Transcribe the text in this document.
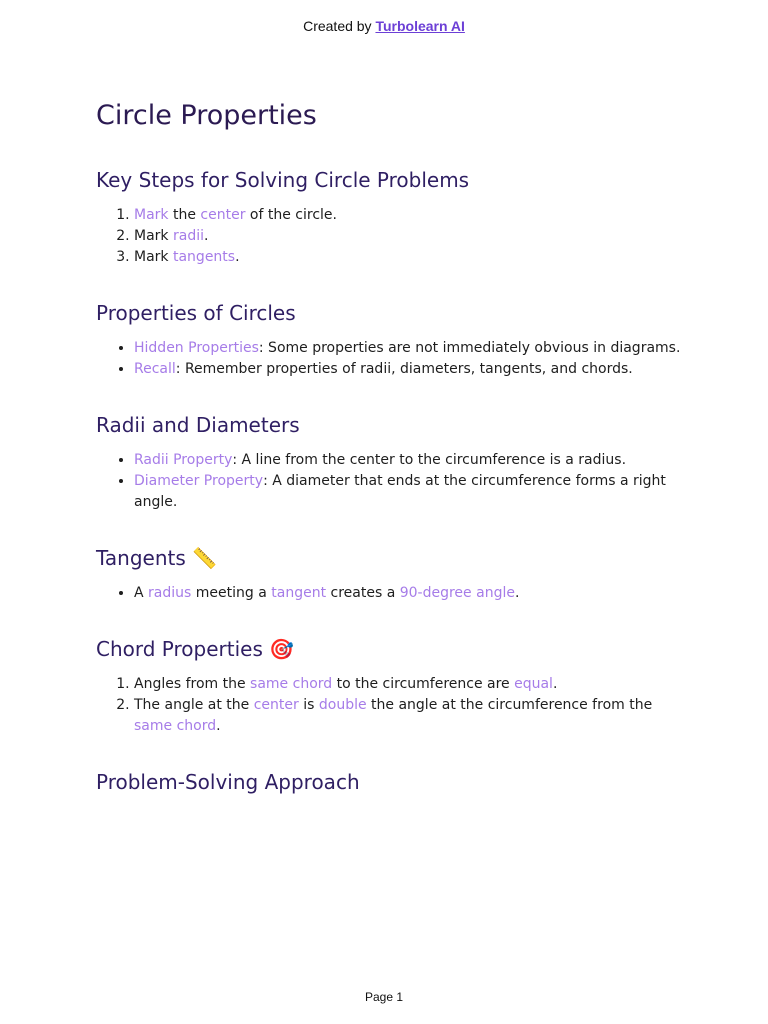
Created by Turbolearn AI
Circle Properties
Key Steps for Solving Circle Problems
1. Mark the center of the circle.
2. Mark radii.
3. Mark tangents.
Properties of Circles
• Hidden Properties: Some properties are not immediately obvious in diagrams.
• Recall: Remember properties of radii, diameters, tangents, and chords.
Radii and Diameters
• Radii Property: A line from the center to the circumference is a radius.
• Diameter Property: A diameter that ends at the circumference forms a right angle.
Tangents 📏
• A radius meeting a tangent creates a 90-degree angle.
Chord Properties 🎯
1. Angles from the same chord to the circumference are equal.
2. The angle at the center is double the angle at the circumference from the same chord.
Problem-Solving Approach
Page 1
